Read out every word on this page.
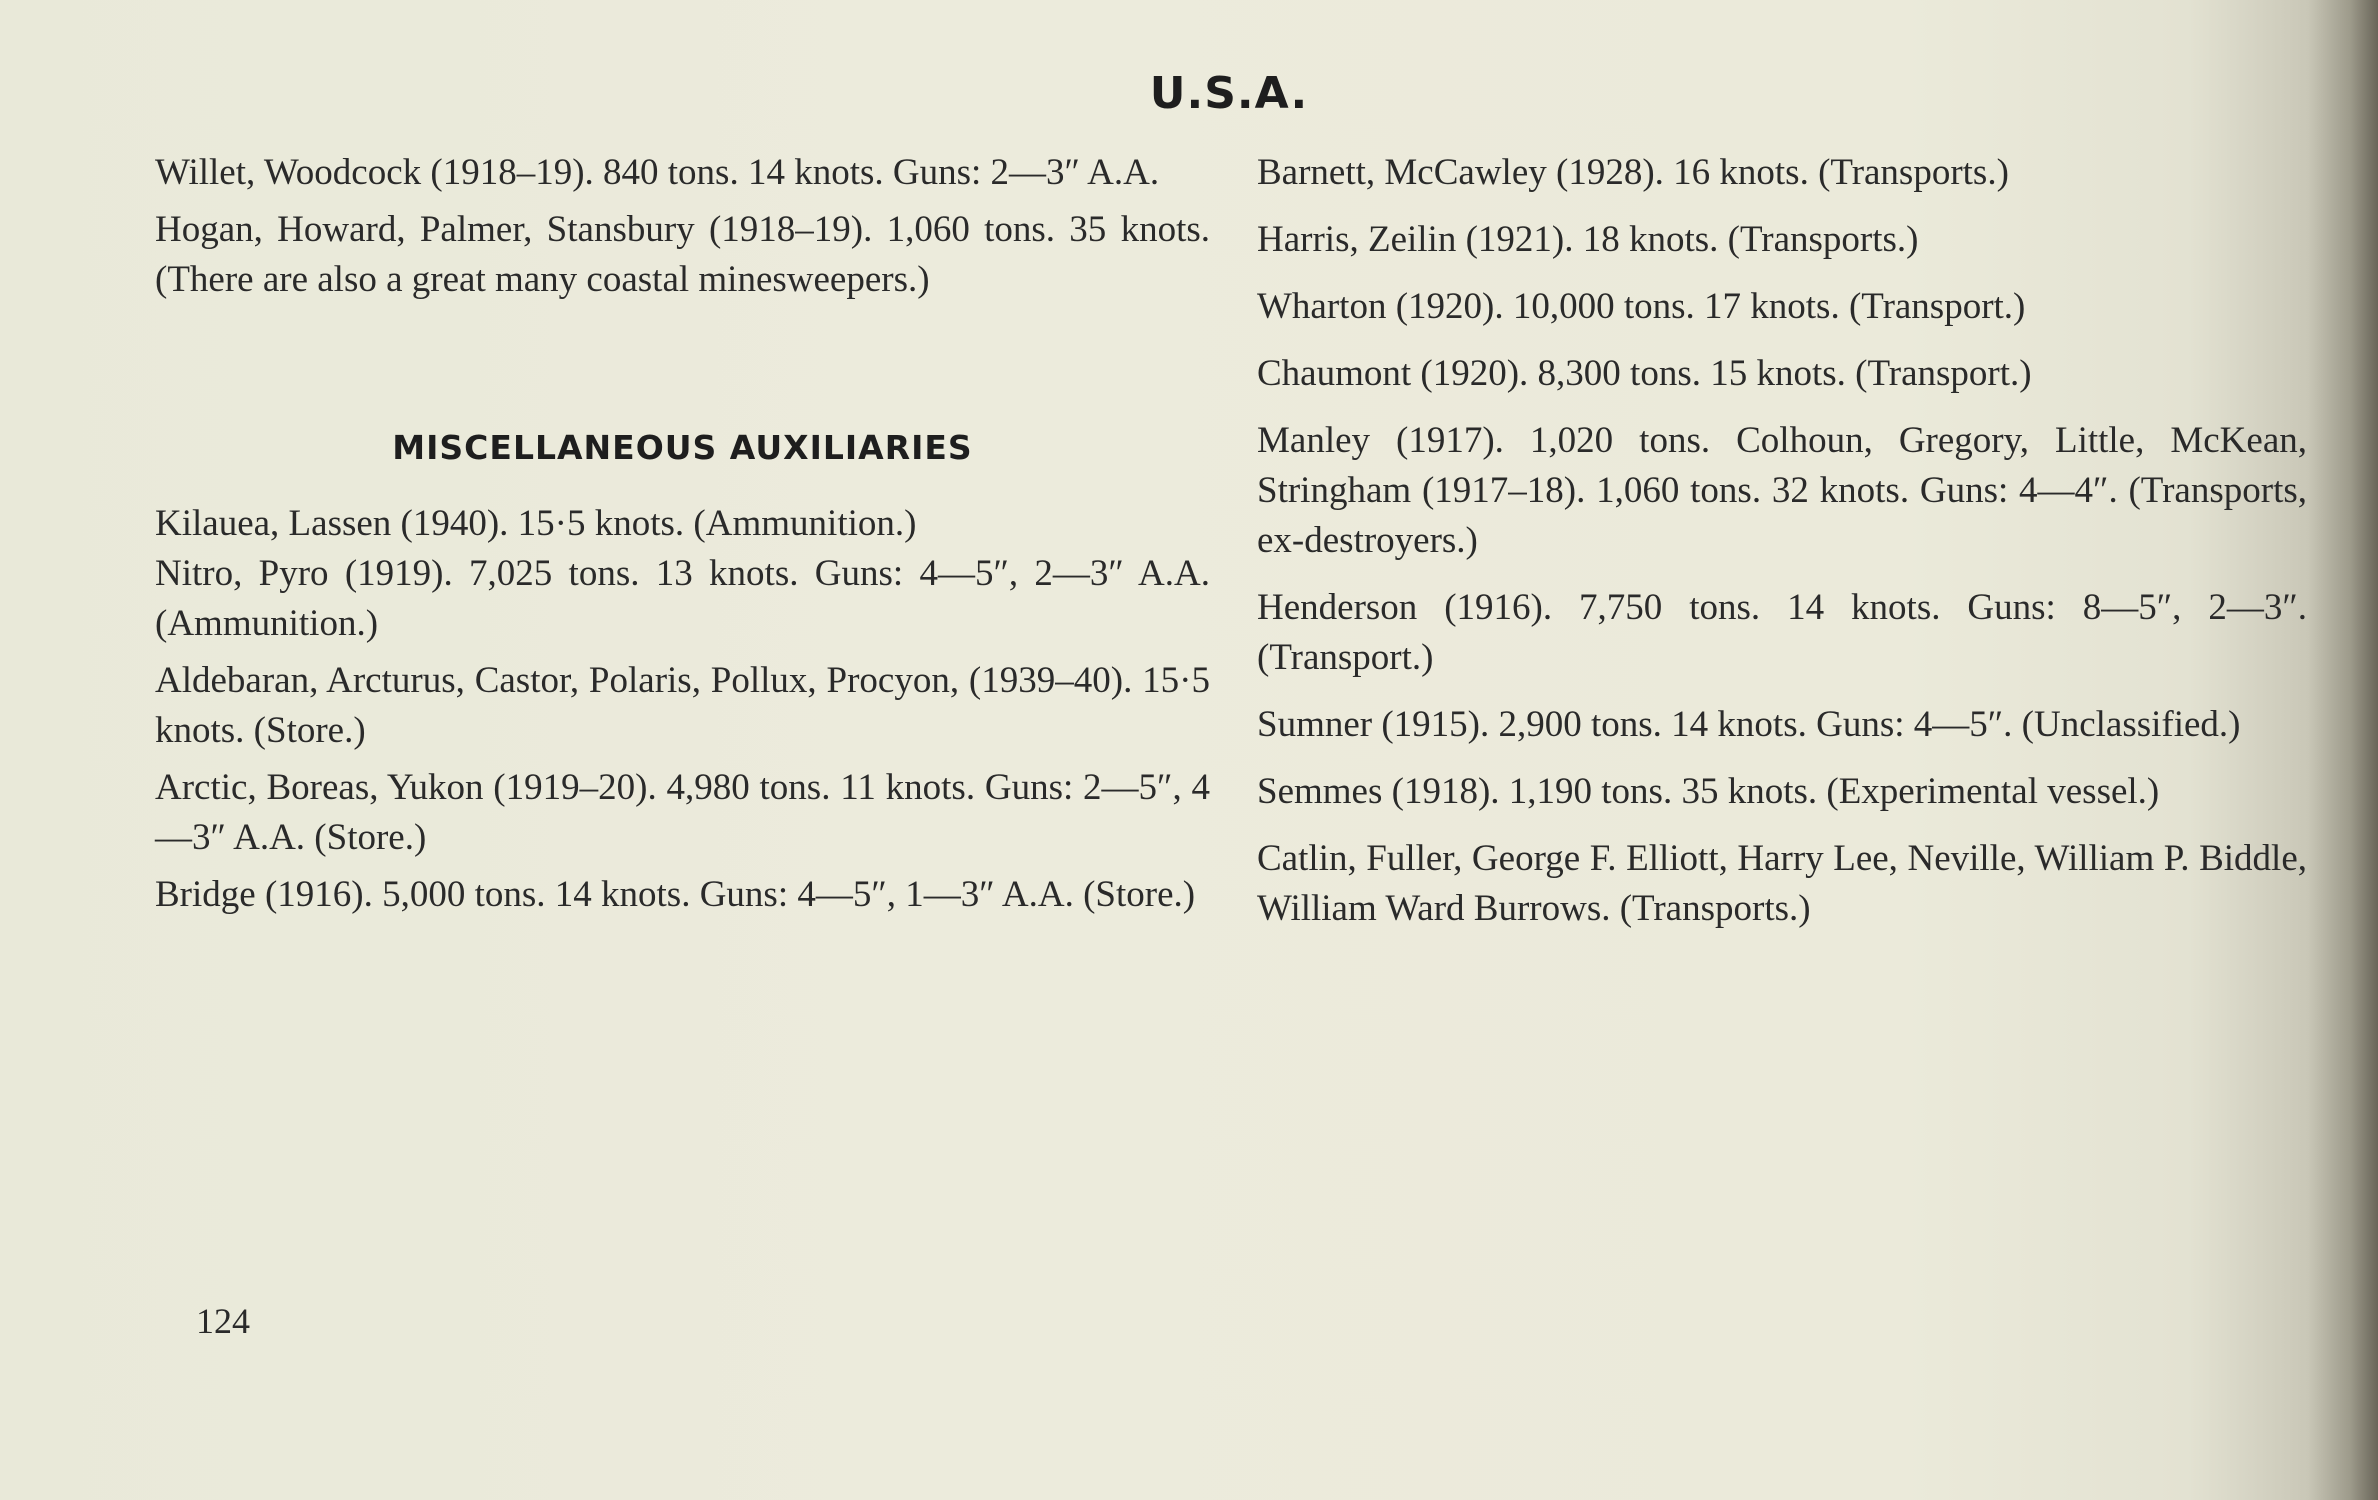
U.S.A.

Willet, Woodcock (1918–19). 840 tons. 14 knots. Guns: 2—3″ A.A.

Hogan, Howard, Palmer, Stansbury (1918–19). 1,060 tons. 35 knots. (There are also a great many coastal minesweepers.)

MISCELLANEOUS AUXILIARIES

Kilauea, Lassen (1940). 15·5 knots. (Ammunition.)

Nitro, Pyro (1919). 7,025 tons. 13 knots. Guns: 4—5″, 2—3″ A.A. (Ammunition.)

Aldebaran, Arcturus, Castor, Polaris, Pollux, Procyon, (1939–40). 15·5 knots. (Store.)

Arctic, Boreas, Yukon (1919–20). 4,980 tons. 11 knots. Guns: 2—5″, 4—3″ A.A. (Store.)

Bridge (1916). 5,000 tons. 14 knots. Guns: 4—5″, 1—3″ A.A. (Store.)

Barnett, McCawley (1928). 16 knots. (Transports.)

Harris, Zeilin (1921). 18 knots. (Transports.)

Wharton (1920). 10,000 tons. 17 knots. (Transport.)

Chaumont (1920). 8,300 tons. 15 knots. (Transport.)

Manley (1917). 1,020 tons. Colhoun, Gregory, Little, McKean, Stringham (1917–18). 1,060 tons. 32 knots. Guns: 4—4″. (Transports, ex-destroyers.)

Henderson (1916). 7,750 tons. 14 knots. Guns: 8—5″, 2—3″. (Transport.)

Sumner (1915). 2,900 tons. 14 knots. Guns: 4—5″. (Unclassified.)

Semmes (1918). 1,190 tons. 35 knots. (Experimental vessel.)

Catlin, Fuller, George F. Elliott, Harry Lee, Neville, William P. Biddle, William Ward Burrows. (Transports.)

124
